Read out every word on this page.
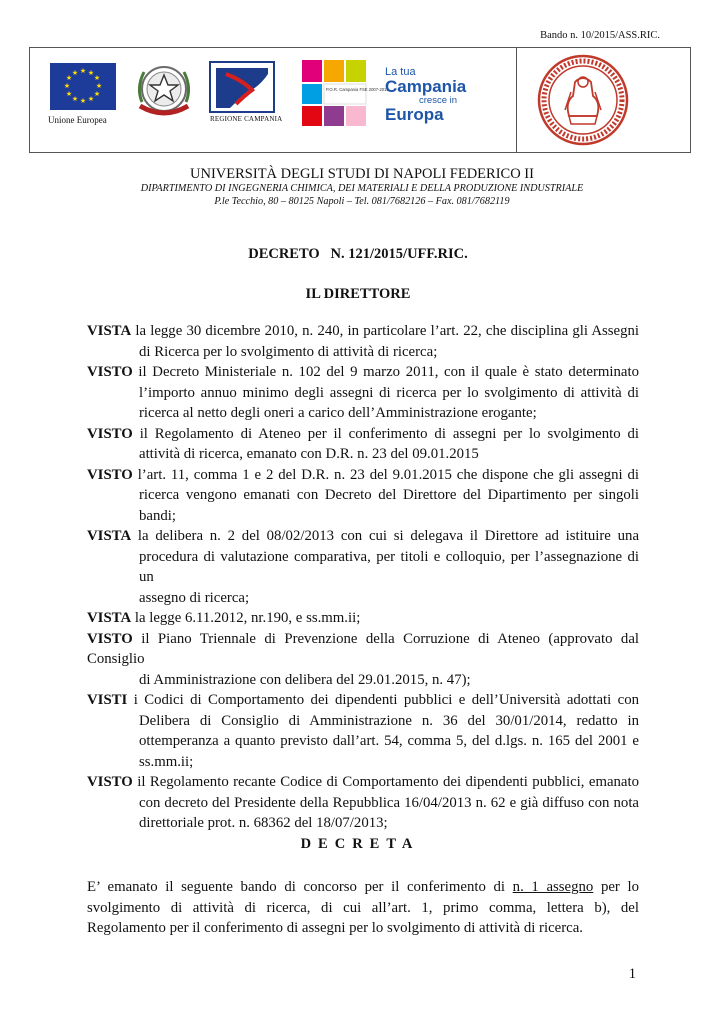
Bando n. 10/2015/ASS.RIC.
★ ★
★
★
★
★
★
★
★
★
★
★
Unione Europea	REGIONE CAMPANIA
P.O.R. Campania FSE 2007-2013
La tua
Campania
cresce in
Europa
UNIVERSITÀ DEGLI STUDI DI NAPOLI FEDERICO II
DIPARTIMENTO DI INGEGNERIA CHIMICA, DEI MATERIALI E DELLA PRODUZIONE INDUSTRIALE
P.le Tecchio, 80 – 80125 Napoli – Tel. 081/7682126 – Fax. 081/7682119
DECRETO   N. 121/2015/UFF.RIC.
IL DIRETTORE
VISTA la legge 30 dicembre 2010, n. 240, in particolare l’art. 22, che disciplina gli Assegni
di Ricerca per lo svolgimento di attività di ricerca;
VISTO il Decreto Ministeriale n. 102 del 9 marzo 2011, con il quale è stato determinato
l’importo annuo minimo degli assegni di ricerca per lo svolgimento di attività di
ricerca al netto degli oneri a carico dell’Amministrazione erogante;
VISTO il Regolamento di Ateneo per il conferimento di assegni per lo svolgimento di
attività di ricerca, emanato con D.R. n. 23 del 09.01.2015
VISTO l’art. 11, comma 1 e 2 del D.R. n. 23 del 9.01.2015 che dispone che gli assegni di
ricerca vengono emanati con Decreto del Direttore del Dipartimento per singoli
bandi;
VISTA la delibera n. 2 del 08/02/2013 con cui si delegava il Direttore ad istituire una
procedura di valutazione comparativa, per titoli e colloquio, per l’assegnazione di un
assegno di ricerca;
VISTA la legge 6.11.2012, nr.190, e ss.mm.ii;
VISTO il Piano Triennale di Prevenzione della Corruzione di Ateneo (approvato dal Consiglio
di Amministrazione con delibera del 29.01.2015, n. 47);
VISTI i Codici di Comportamento dei dipendenti pubblici e dell’Università adottati con
Delibera di Consiglio di Amministrazione n. 36 del 30/01/2014, redatto in
ottemperanza a quanto previsto dall’art. 54, comma 5, del d.lgs. n. 165 del 2001 e
ss.mm.ii;
VISTO il Regolamento recante Codice di Comportamento dei dipendenti pubblici, emanato
con decreto del Presidente della Repubblica 16/04/2013 n. 62 e già diffuso con nota
direttoriale prot. n. 68362 del 18/07/2013;
DECRETA
E’ emanato il seguente bando di concorso per il conferimento di n. 1 assegno per lo
svolgimento di attività di ricerca, di cui all’art. 1, primo comma, lettera b), del
Regolamento per il conferimento di assegni per lo svolgimento di attività di ricerca.
1
